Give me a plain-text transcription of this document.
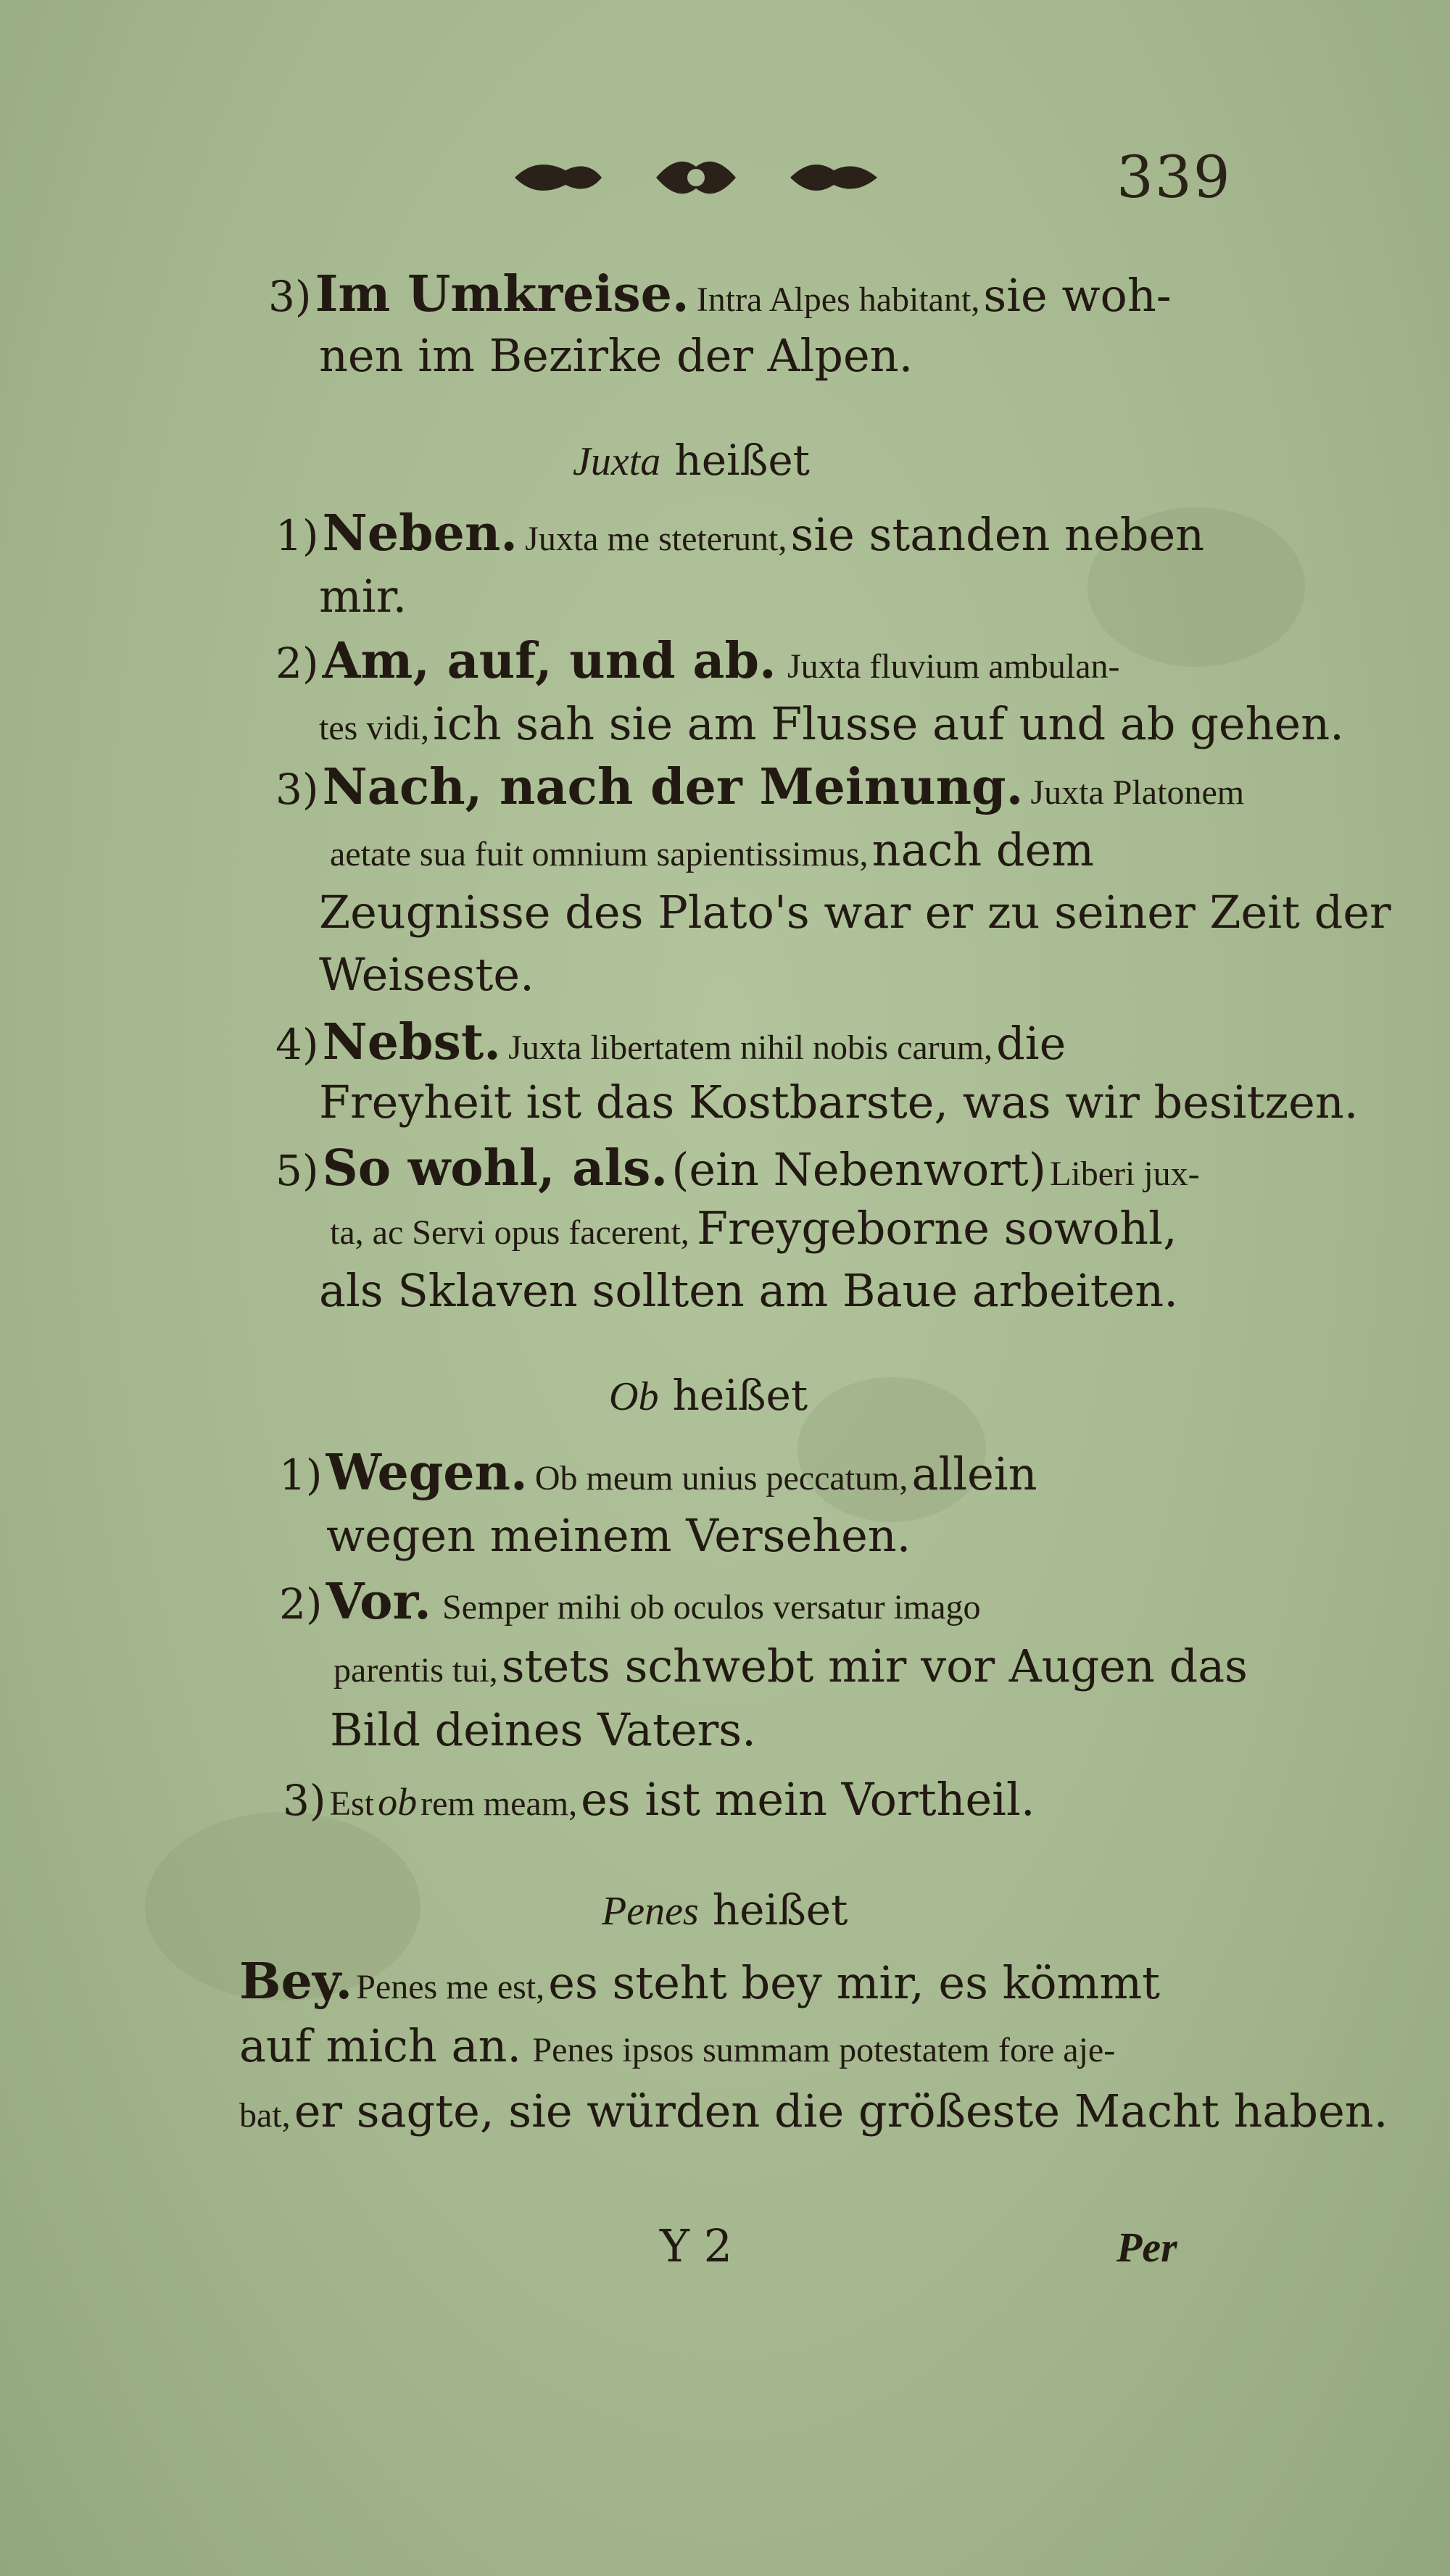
339
3) Im Umkreise. Intra Alpes habitant, sie woh-
nen im Bezirke der Alpen.
Juxta heißet
1) Neben. Juxta me steterunt, sie standen neben
mir.
2) Am, auf, und ab. Juxta fluvium ambulan-
tes vidi, ich sah sie am Flusse auf und ab gehen.
3) Nach, nach der Meinung. Juxta Platonem
aetate sua fuit omnium sapientissimus, nach dem
Zeugnisse des Plato's war er zu seiner Zeit der
Weiseste.
4) Nebst. Juxta libertatem nihil nobis carum, die
Freyheit ist das Kostbarste, was wir besitzen.
5) So wohl, als. (ein Nebenwort) Liberi jux-
ta, ac Servi opus facerent, Freygeborne sowohl,
als Sklaven sollten am Baue arbeiten.
Ob heißet
1) Wegen. Ob meum unius peccatum, allein
wegen meinem Versehen.
2) Vor. Semper mihi ob oculos versatur imago
parentis tui, stets schwebt mir vor Augen das
Bild deines Vaters.
3) Est ob rem meam, es ist mein Vortheil.
Penes heißet
Bey. Penes me est, es steht bey mir, es kömmt
auf mich an. Penes ipsos summam potestatem fore aje-
bat, er sagte, sie würden die größeste Macht haben.
Y 2	Per
